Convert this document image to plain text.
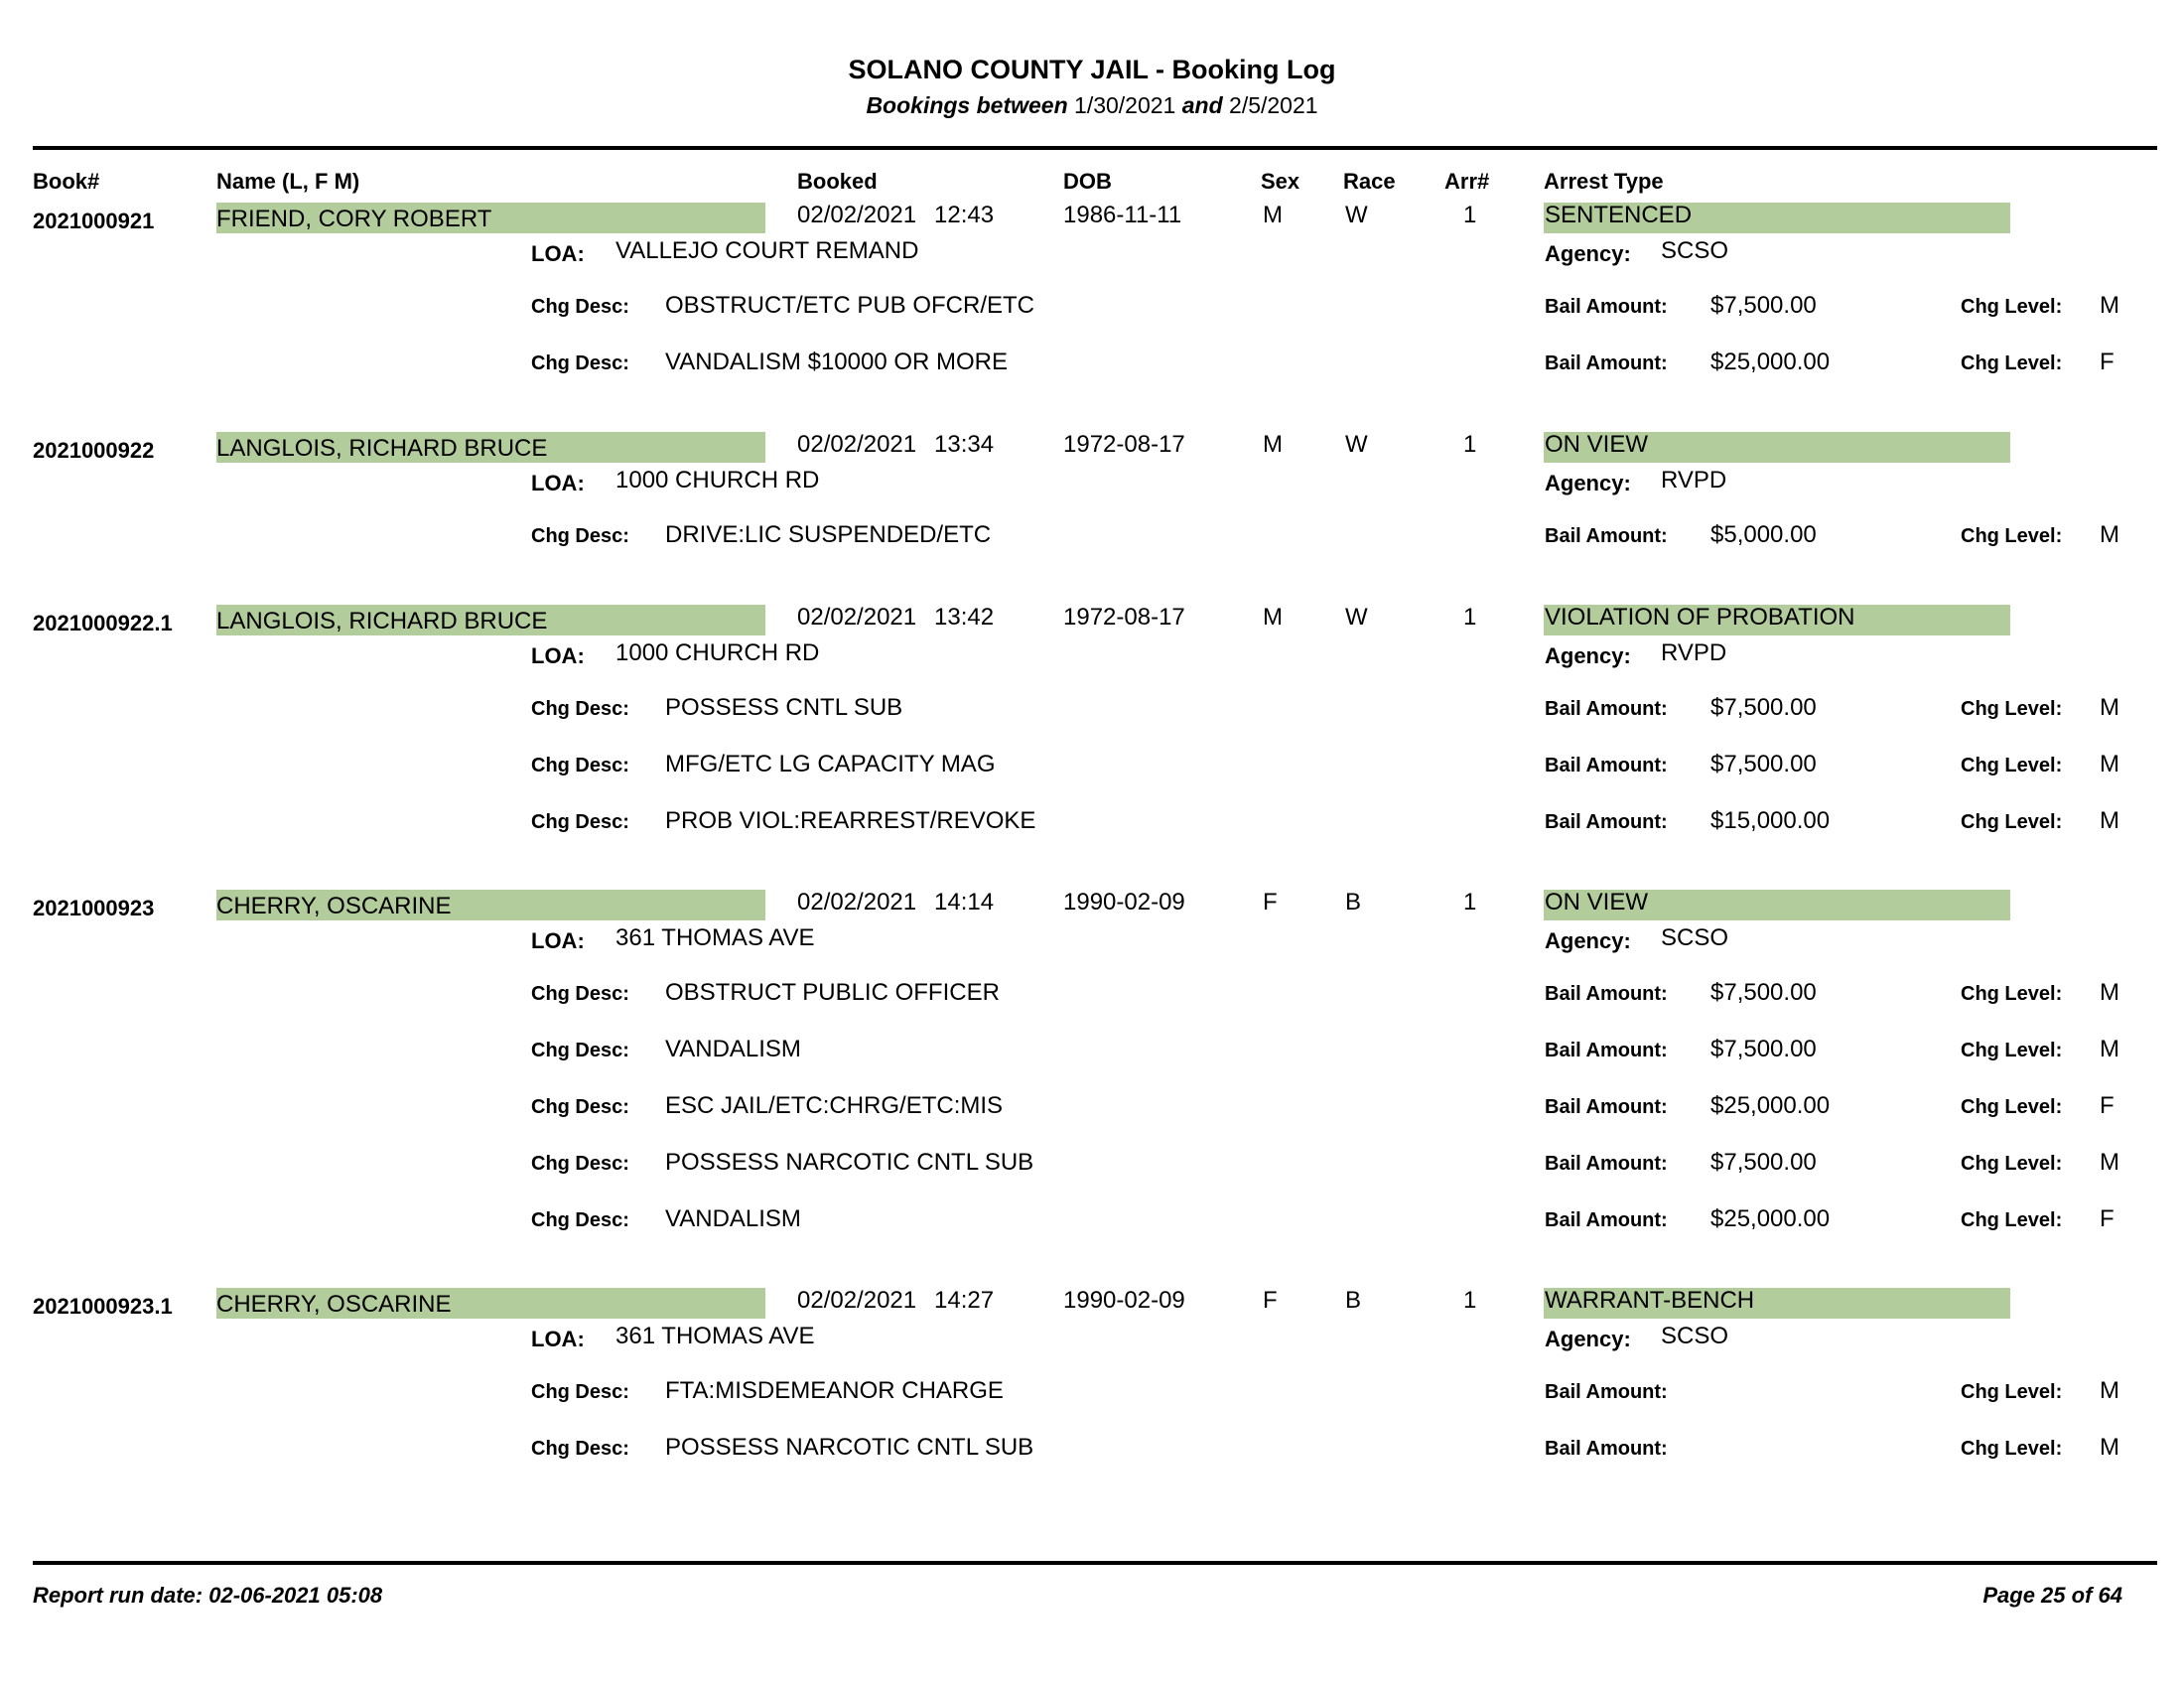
SOLANO COUNTY JAIL - Booking Log
Bookings between 1/30/2021 and 2/5/2021
Book#	Name (L, F M)	Booked	DOB	Sex Race Arr# Arrest Type
2021000921	FRIEND, CORY ROBERT	02/02/2021 12:43	1986-11-11	M	W	1	SENTENCED
LOA: VALLEJO COURT REMAND	Agency: SCSO
Chg Desc: OBSTRUCT/ETC PUB OFCR/ETC	Bail Amount: $7,500.00	Chg Level: M
Chg Desc: VANDALISM $10000 OR MORE	Bail Amount: $25,000.00	Chg Level: F
2021000922	LANGLOIS, RICHARD BRUCE	02/02/2021 13:34	1972-08-17	M	W	1	ON VIEW
LOA: 1000 CHURCH RD	Agency: RVPD
Chg Desc: DRIVE:LIC SUSPENDED/ETC	Bail Amount: $5,000.00	Chg Level: M
2021000922.1 LANGLOIS, RICHARD BRUCE	02/02/2021 13:42	1972-08-17	M	W	1	VIOLATION OF PROBATION
LOA: 1000 CHURCH RD	Agency: RVPD
Chg Desc: POSSESS CNTL SUB	Bail Amount: $7,500.00	Chg Level: M
Chg Desc: MFG/ETC LG CAPACITY MAG	Bail Amount: $7,500.00	Chg Level: M
Chg Desc: PROB VIOL:REARREST/REVOKE	Bail Amount: $15,000.00	Chg Level: M
2021000923	CHERRY, OSCARINE	02/02/2021 14:14	1990-02-09	F	B	1	ON VIEW
LOA: 361 THOMAS AVE	Agency: SCSO
Chg Desc: OBSTRUCT PUBLIC OFFICER	Bail Amount: $7,500.00	Chg Level: M
Chg Desc: VANDALISM	Bail Amount: $7,500.00	Chg Level: M
Chg Desc: ESC JAIL/ETC:CHRG/ETC:MIS	Bail Amount: $25,000.00	Chg Level: F
Chg Desc: POSSESS NARCOTIC CNTL SUB	Bail Amount: $7,500.00	Chg Level: M
Chg Desc: VANDALISM	Bail Amount: $25,000.00	Chg Level: F
2021000923.1 CHERRY, OSCARINE	02/02/2021 14:27	1990-02-09	F	B	1	WARRANT-BENCH
LOA: 361 THOMAS AVE	Agency: SCSO
Chg Desc: FTA:MISDEMEANOR CHARGE	Bail Amount:	Chg Level: M
Chg Desc: POSSESS NARCOTIC CNTL SUB	Bail Amount:	Chg Level: M
Report run date: 02-06-2021 05:08	Page 25 of 64
